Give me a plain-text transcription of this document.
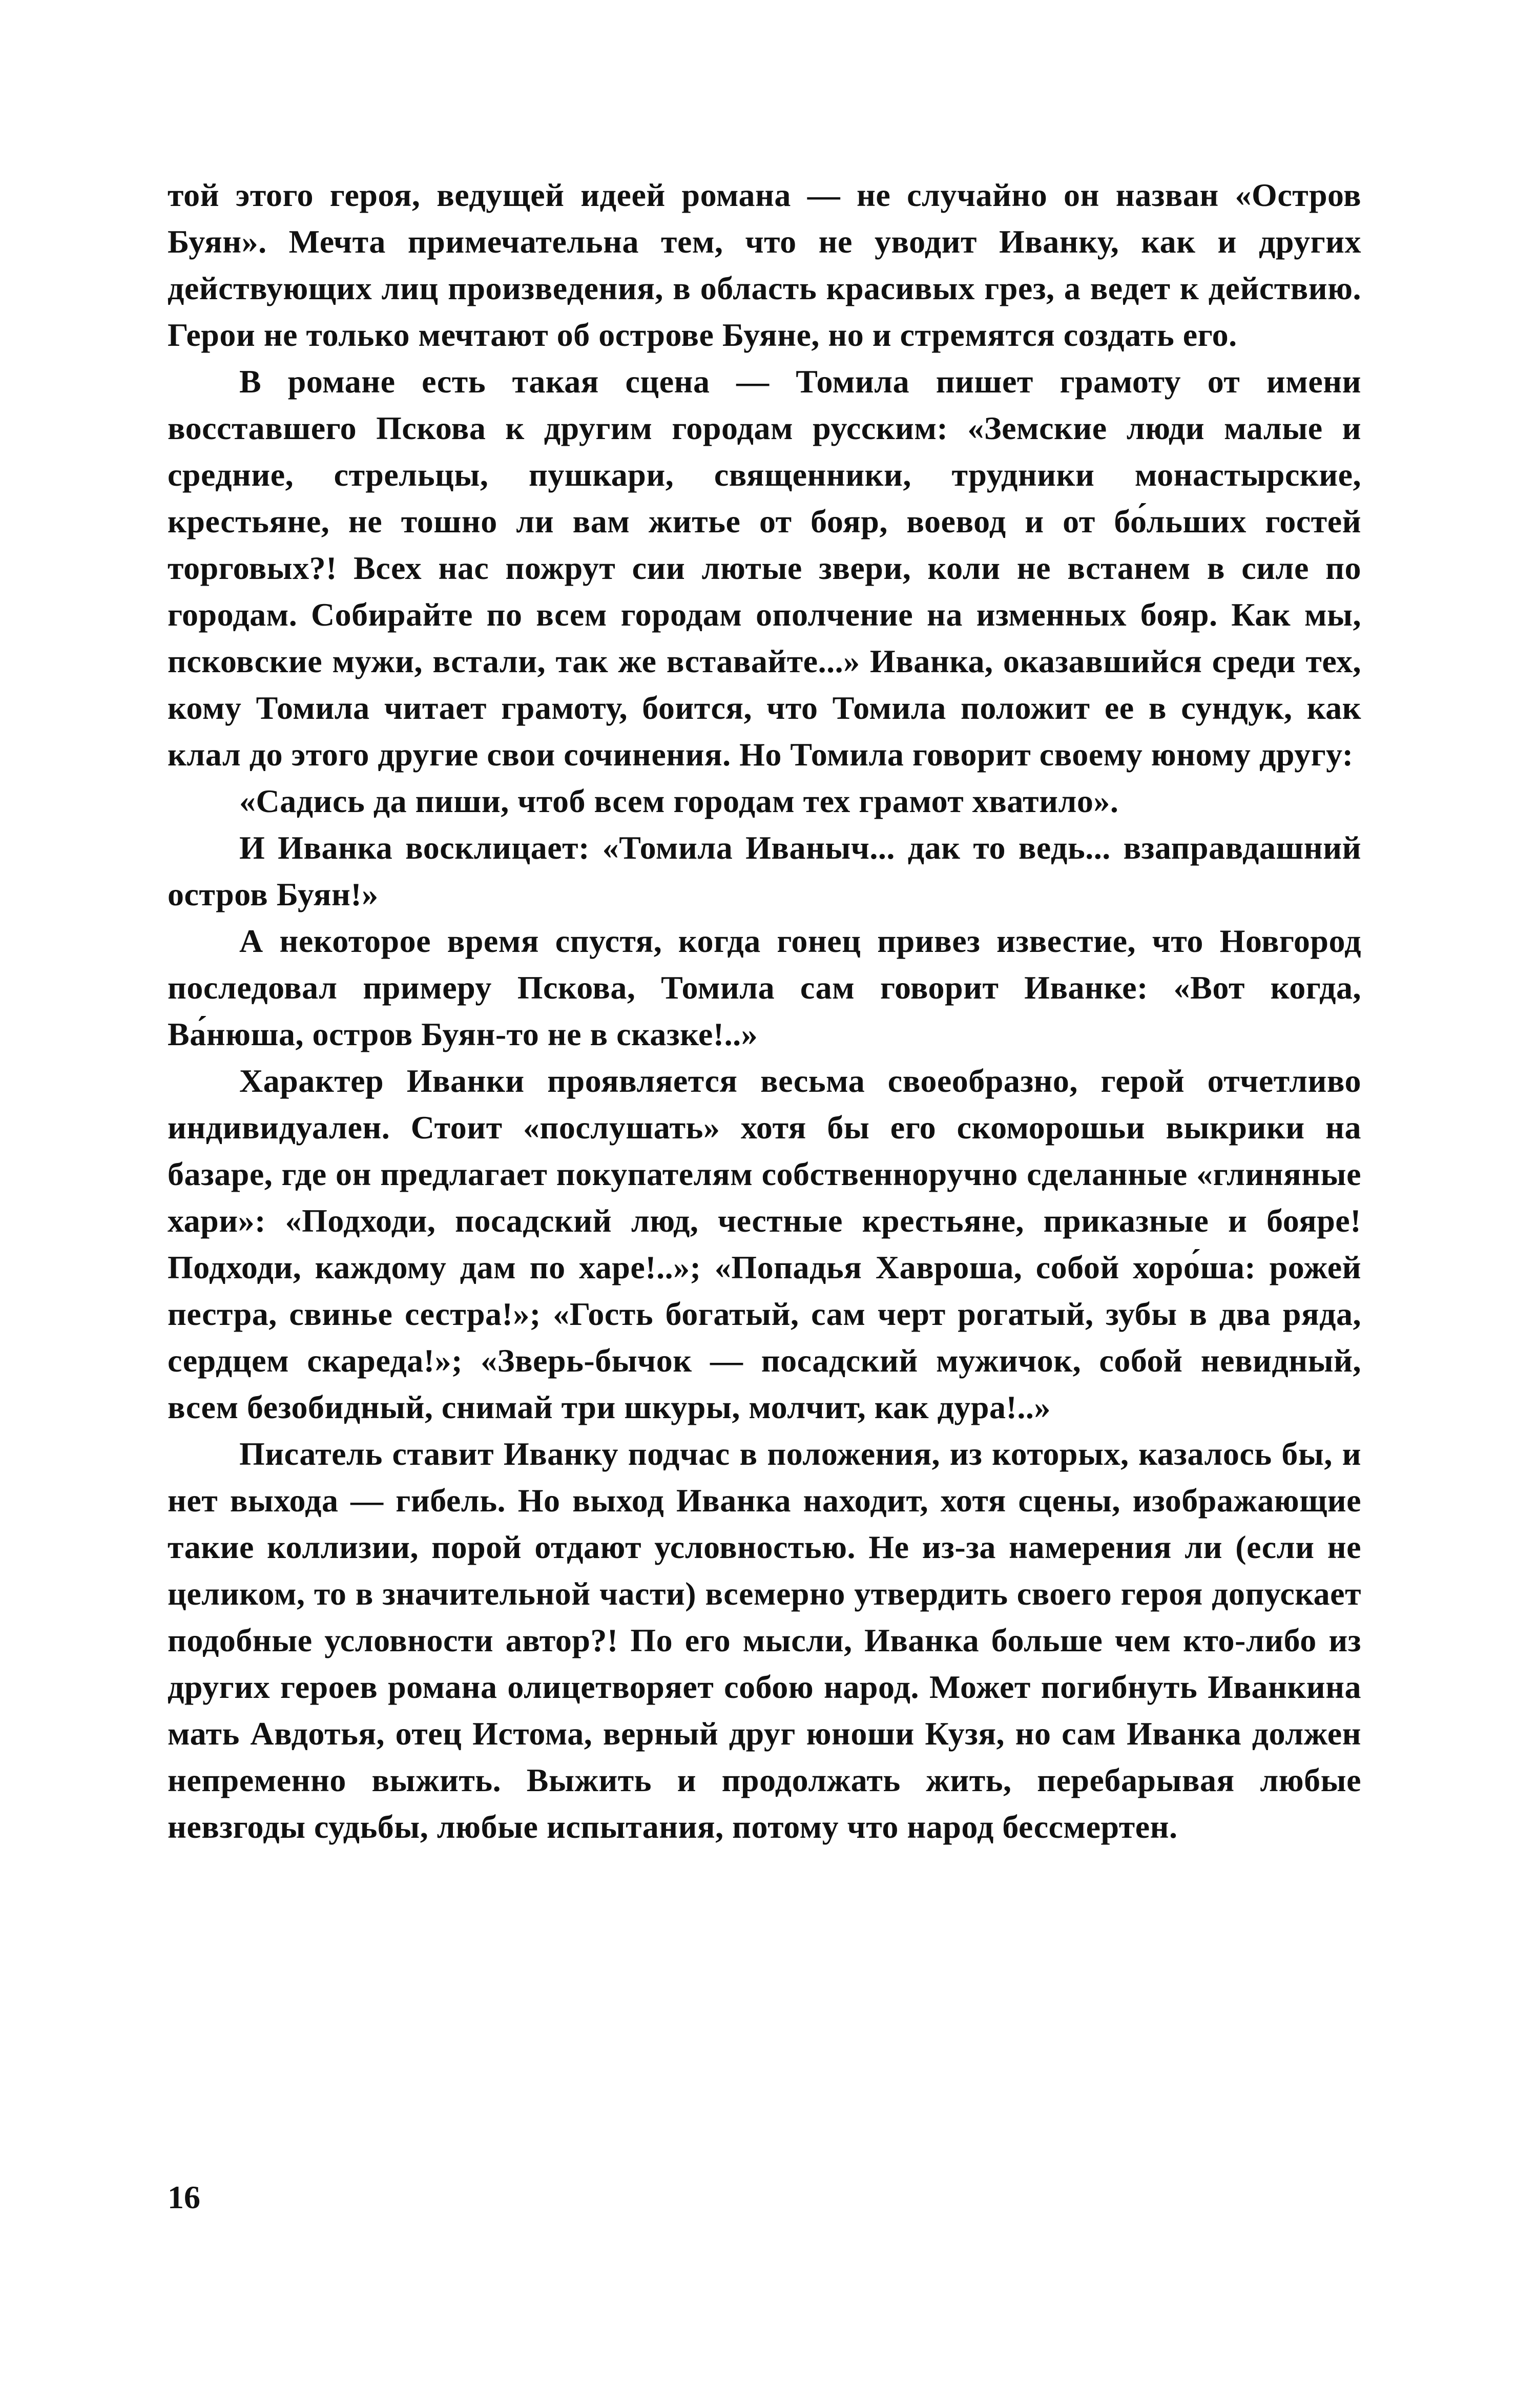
той этого героя, ведущей идеей романа — не случайно он назван «Остров Буян». Мечта примечательна тем, что не уводит Иванку, как и других действующих лиц произведения, в область красивых грез, а ведет к действию. Герои не только мечтают об острове Буяне, но и стремятся создать его.

В романе есть такая сцена — Томила пишет грамоту от имени восставшего Пскова к другим городам русским: «Земские люди малые и средние, стрельцы, пушкари, священники, трудники монастырские, крестьяне, не тошно ли вам житье от бояр, воевод и от бо́льших гостей торговых?! Всех нас пожрут сии лютые звери, коли не встанем в силе по городам. Собирайте по всем городам ополчение на изменных бояр. Как мы, псковские мужи, встали, так же вставайте...» Иванка, оказавшийся среди тех, кому Томила читает грамоту, боится, что Томила положит ее в сундук, как клал до этого другие свои сочинения. Но Томила говорит своему юному другу:

«Садись да пиши, чтоб всем городам тех грамот хватило».

И Иванка восклицает: «Томила Иваныч... дак то ведь... взаправдашний остров Буян!»

А некоторое время спустя, когда гонец привез известие, что Новгород последовал примеру Пскова, Томила сам говорит Иванке: «Вот когда, Ва́нюша, остров Буян-то не в сказке!..»

Характер Иванки проявляется весьма своеобразно, герой отчетливо индивидуален. Стоит «послушать» хотя бы его скоморошьи выкрики на базаре, где он предлагает покупателям собственноручно сделанные «глиняные хари»: «Подходи, посадский люд, честные крестьяне, приказные и бояре! Подходи, каждому дам по харе!..»; «Попадья Хавроша, собой хоро́ша: рожей пестра, свинье сестра!»; «Гость богатый, сам черт рогатый, зубы в два ряда, сердцем скареда!»; «Зверь-бычок — посадский мужичок, собой невидный, всем безобидный, снимай три шкуры, молчит, как дура!..»

Писатель ставит Иванку подчас в положения, из которых, казалось бы, и нет выхода — гибель. Но выход Иванка находит, хотя сцены, изображающие такие коллизии, порой отдают условностью. Не из-за намерения ли (если не целиком, то в значительной части) всемерно утвердить своего героя допускает подобные условности автор?! По его мысли, Иванка больше чем кто-либо из других героев романа олицетворяет собою народ. Может погибнуть Иванкина мать Авдотья, отец Истома, верный друг юноши Кузя, но сам Иванка должен непременно выжить. Выжить и продолжать жить, перебарывая любые невзгоды судьбы, любые испытания, потому что народ бессмертен.

16
